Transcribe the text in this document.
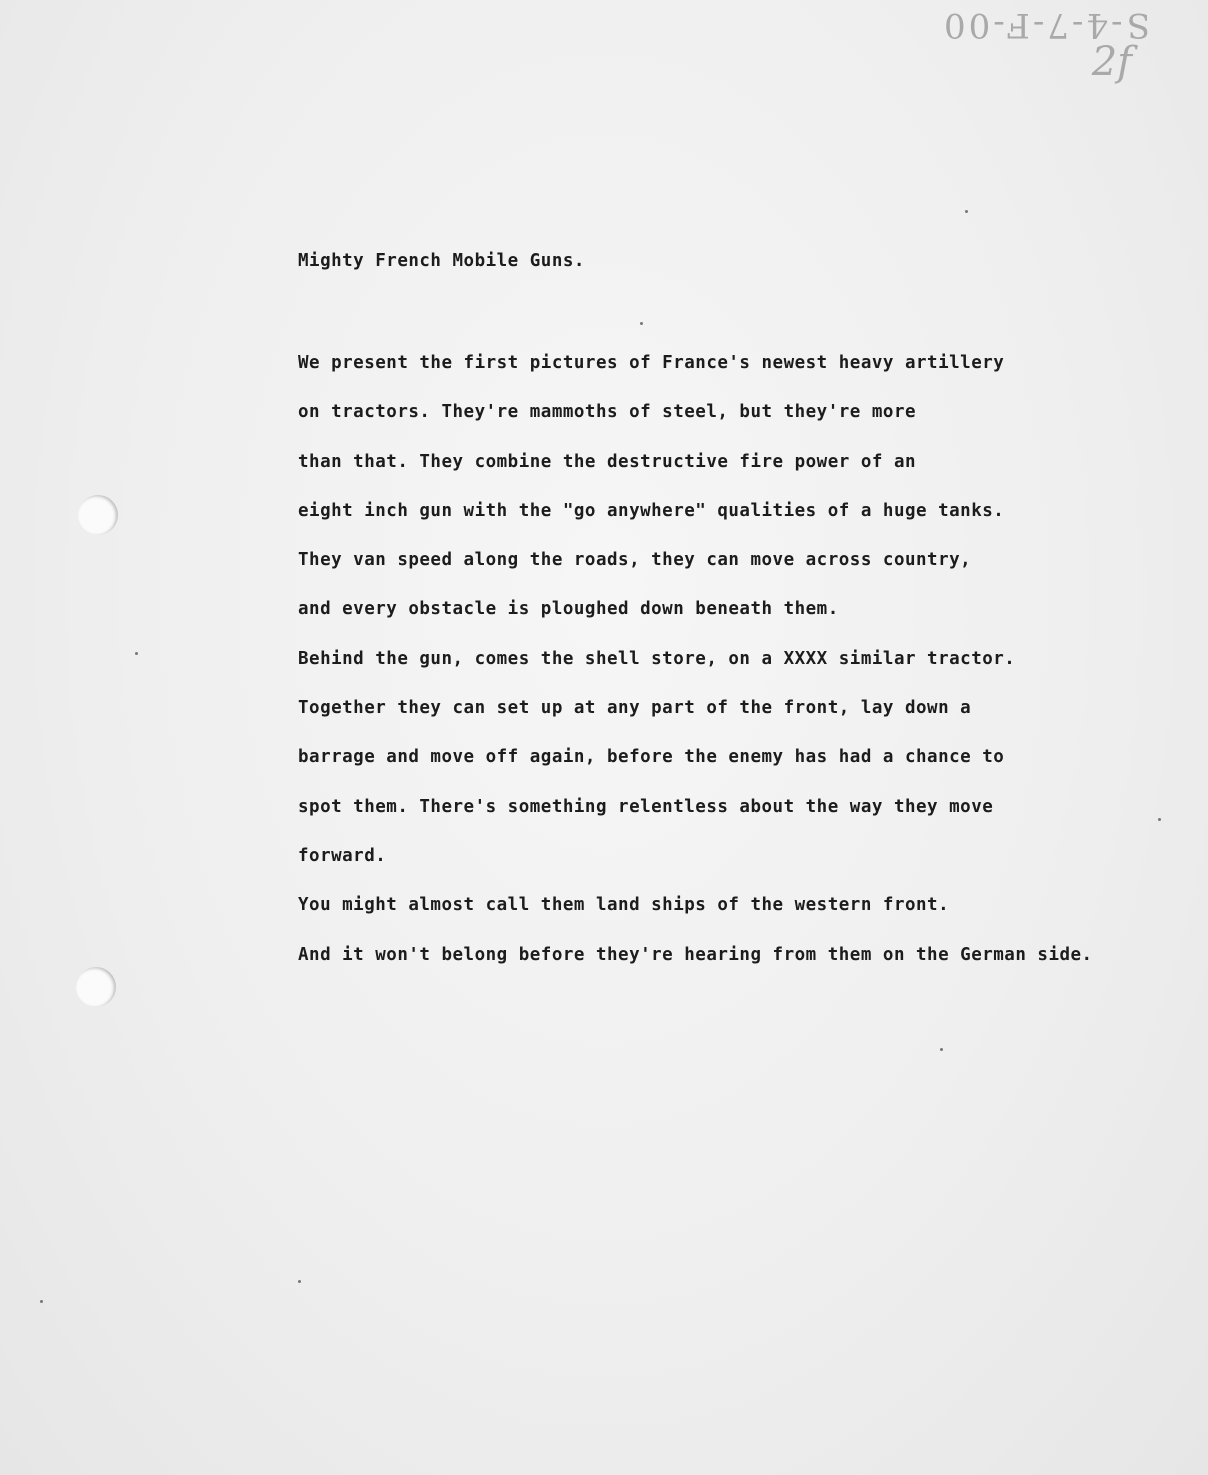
S-4-7-F-00
2f
Mighty French Mobile Guns.
We present the first pictures of France's newest heavy artillery
on tractors. They're mammoths of steel, but they're more
than that. They combine the destructive fire power of an
eight inch gun with the "go anywhere" qualities of a huge tanks.
They van speed along the roads, they can move across country,
and every obstacle is ploughed down beneath them.
Behind the gun, comes the shell store, on a XXXX similar tractor.
Together they can set up at any part of the front, lay down a
barrage and move off again, before the enemy has had a chance to
spot them. There's something relentless about the way they move
forward.
You might almost call them land ships of the western front.
And it won't belong before they're hearing from them on the German side.
